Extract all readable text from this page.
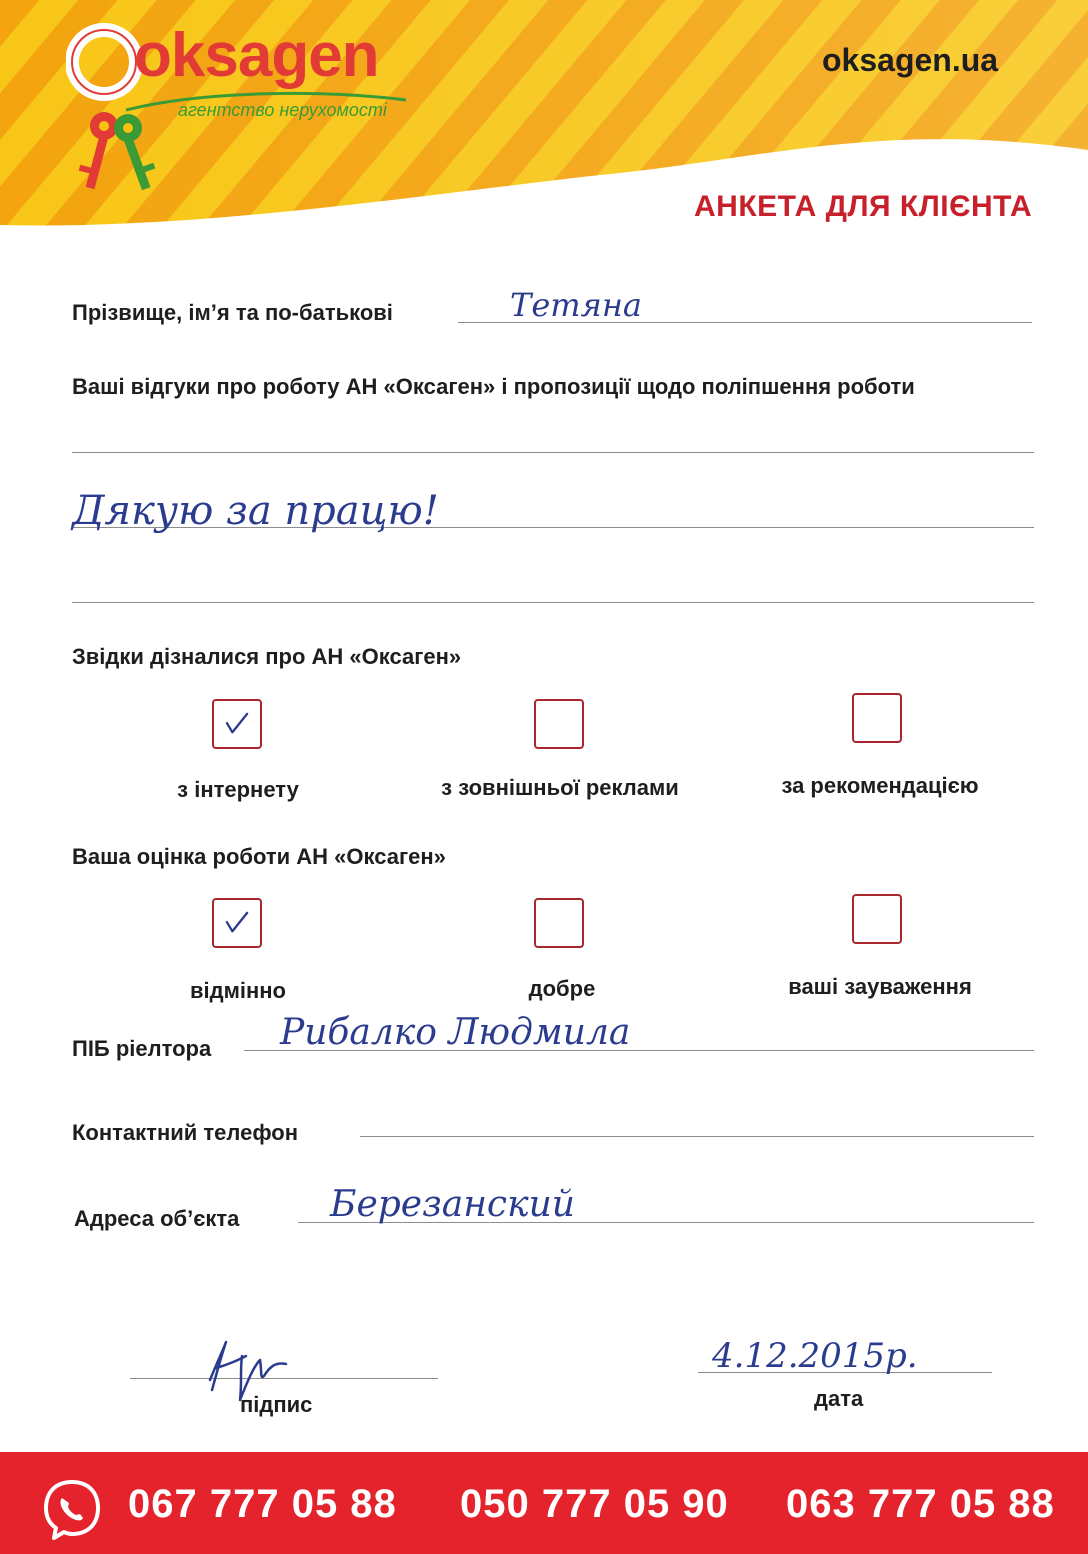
oksagen
агентство нерухомості
oksagen.ua
АНКЕТА ДЛЯ КЛІЄНТА
Прізвище, ім’я та по-батькові	Тетяна
Ваші відгуки про роботу АН «Оксаген» і пропозиції щодо поліпшення роботи
Дякую за працю!
Звідки дізналися про АН «Оксаген»
з інтернету	з зовнішньої реклами	за рекомендацією
Ваша оцінка роботи АН «Оксаген»
відмінно	добре	ваші зауваження
ПІБ ріелтора Рибалко Людмила
Контактний телефон
Адреса об’єкта	Березанский
підпис
4.12.2015р.
дата
067 777 05 88 050 777 05 90 063 777 05 88
